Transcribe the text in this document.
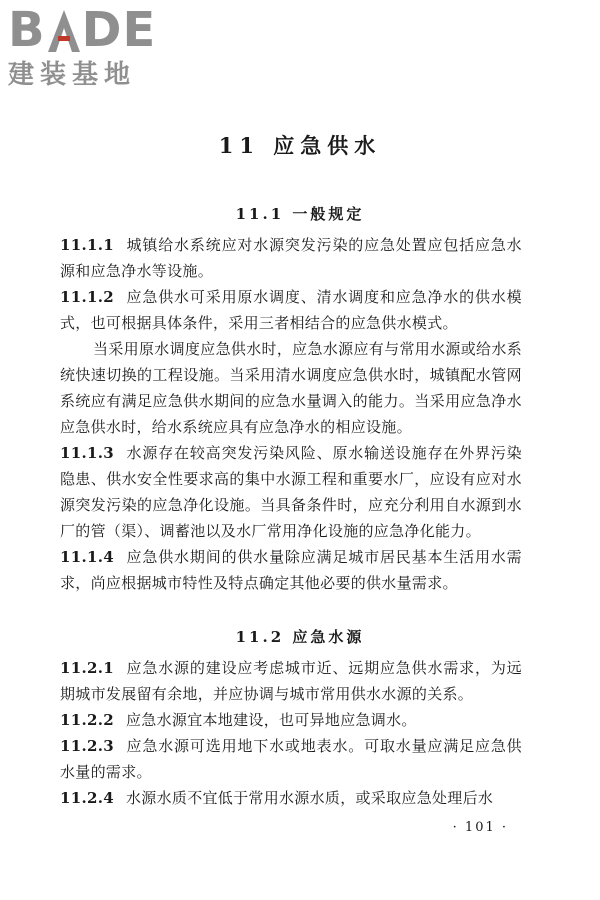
B DE
建装基地
11 应急供水
11.1 一般规定

11.1.1 城镇给水系统应对水源突发污染的应急处置应包括应急水源和应急净水等设施。

11.1.2 应急供水可采用原水调度、清水调度和应急净水的供水模式，也可根据具体条件，采用三者相结合的应急供水模式。

当采用原水调度应急供水时，应急水源应有与常用水源或给水系统快速切换的工程设施。当采用清水调度应急供水时，城镇配水管网系统应有满足应急供水期间的应急水量调入的能力。当采用应急净水应急供水时，给水系统应具有应急净水的相应设施。

11.1.3 水源存在较高突发污染风险、原水输送设施存在外界污染隐患、供水安全性要求高的集中水源工程和重要水厂，应设有应对水源突发污染的应急净化设施。当具备条件时，应充分利用自水源到水厂的管（渠）、调蓄池以及水厂常用净化设施的应急净化能力。

11.1.4 应急供水期间的供水量除应满足城市居民基本生活用水需求，尚应根据城市特性及特点确定其他必要的供水量需求。

11.2 应急水源

11.2.1 应急水源的建设应考虑城市近、远期应急供水需求，为远期城市发展留有余地，并应协调与城市常用供水水源的关系。

11.2.2 应急水源宜本地建设，也可异地应急调水。

11.2.3 应急水源可选用地下水或地表水。可取水量应满足应急供水量的需求。

11.2.4 水源水质不宜低于常用水源水质，或采取应急处理后水

· 101 ·
